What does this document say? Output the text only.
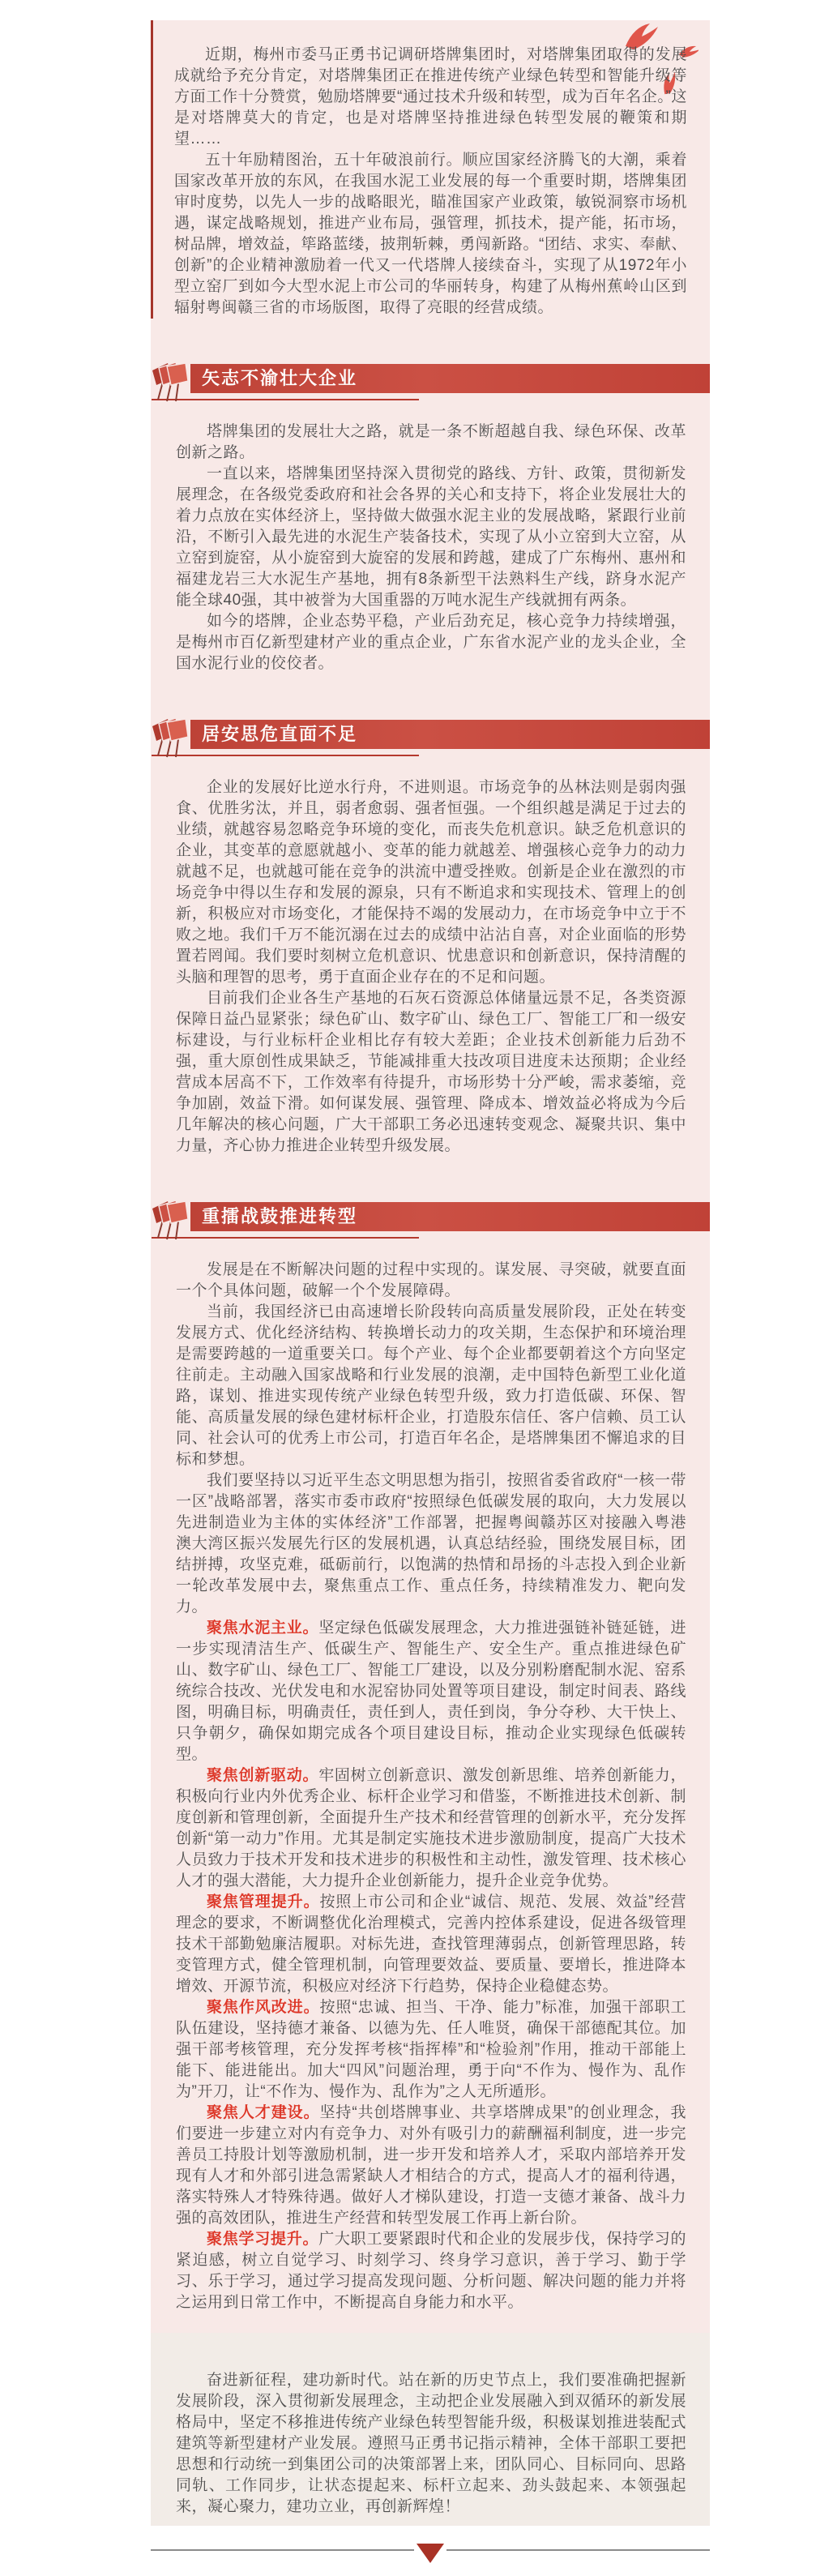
近期，梅州市委马正勇书记调研塔牌集团时，对塔牌集团取得的发展成就给予充分肯定，对塔牌集团正在推进传统产业绿色转型和智能升级等方面工作十分赞赏，勉励塔牌要“通过技术升级和转型，成为百年名企。”这是对塔牌莫大的肯定，也是对塔牌坚持推进绿色转型发展的鞭策和期望……

五十年励精图治，五十年破浪前行。顺应国家经济腾飞的大潮，乘着国家改革开放的东风，在我国水泥工业发展的每一个重要时期，塔牌集团审时度势，以先人一步的战略眼光，瞄准国家产业政策，敏锐洞察市场机遇，谋定战略规划，推进产业布局，强管理，抓技术，提产能，拓市场，树品牌，增效益，筚路蓝缕，披荆斩棘，勇闯新路。“团结、求实、奉献、创新”的企业精神激励着一代又一代塔牌人接续奋斗，实现了从1972年小型立窑厂到如今大型水泥上市公司的华丽转身，构建了从梅州蕉岭山区到辐射粤闽赣三省的市场版图，取得了亮眼的经营成绩。

矢志不渝壮大企业

塔牌集团的发展壮大之路，就是一条不断超越自我、绿色环保、改革创新之路。

一直以来，塔牌集团坚持深入贯彻党的路线、方针、政策，贯彻新发展理念，在各级党委政府和社会各界的关心和支持下，将企业发展壮大的着力点放在实体经济上，坚持做大做强水泥主业的发展战略，紧跟行业前沿，不断引入最先进的水泥生产装备技术，实现了从小立窑到大立窑，从立窑到旋窑，从小旋窑到大旋窑的发展和跨越，建成了广东梅州、惠州和福建龙岩三大水泥生产基地，拥有8条新型干法熟料生产线，跻身水泥产能全球40强，其中被誉为大国重器的万吨水泥生产线就拥有两条。

如今的塔牌，企业态势平稳，产业后劲充足，核心竞争力持续增强，是梅州市百亿新型建材产业的重点企业，广东省水泥产业的龙头企业，全国水泥行业的佼佼者。

居安思危直面不足

企业的发展好比逆水行舟，不进则退。市场竞争的丛林法则是弱肉强食、优胜劣汰，并且，弱者愈弱、强者恒强。一个组织越是满足于过去的业绩，就越容易忽略竞争环境的变化，而丧失危机意识。缺乏危机意识的企业，其变革的意愿就越小、变革的能力就越差、增强核心竞争力的动力就越不足，也就越可能在竞争的洪流中遭受挫败。创新是企业在激烈的市场竞争中得以生存和发展的源泉，只有不断追求和实现技术、管理上的创新，积极应对市场变化，才能保持不竭的发展动力，在市场竞争中立于不败之地。我们千万不能沉溺在过去的成绩中沾沾自喜，对企业面临的形势置若罔闻。我们要时刻树立危机意识、忧患意识和创新意识，保持清醒的头脑和理智的思考，勇于直面企业存在的不足和问题。

目前我们企业各生产基地的石灰石资源总体储量远景不足，各类资源保障日益凸显紧张；绿色矿山、数字矿山、绿色工厂、智能工厂和一级安标建设，与行业标杆企业相比存有较大差距；企业技术创新能力后劲不强，重大原创性成果缺乏，节能减排重大技改项目进度未达预期；企业经营成本居高不下，工作效率有待提升，市场形势十分严峻，需求萎缩，竞争加剧，效益下滑。如何谋发展、强管理、降成本、增效益必将成为今后几年解决的核心问题，广大干部职工务必迅速转变观念、凝聚共识、集中力量，齐心协力推进企业转型升级发展。

重擂战鼓推进转型

发展是在不断解决问题的过程中实现的。谋发展、寻突破，就要直面一个个具体问题，破解一个个发展障碍。

当前，我国经济已由高速增长阶段转向高质量发展阶段，正处在转变发展方式、优化经济结构、转换增长动力的攻关期，生态保护和环境治理是需要跨越的一道重要关口。每个产业、每个企业都要朝着这个方向坚定往前走。主动融入国家战略和行业发展的浪潮，走中国特色新型工业化道路，谋划、推进实现传统产业绿色转型升级，致力打造低碳、环保、智能、高质量发展的绿色建材标杆企业，打造股东信任、客户信赖、员工认同、社会认可的优秀上市公司，打造百年名企，是塔牌集团不懈追求的目标和梦想。

我们要坚持以习近平生态文明思想为指引，按照省委省政府“一核一带一区”战略部署，落实市委市政府“按照绿色低碳发展的取向，大力发展以先进制造业为主体的实体经济”工作部署，把握粤闽赣苏区对接融入粤港澳大湾区振兴发展先行区的发展机遇，认真总结经验，围绕发展目标，团结拼搏，攻坚克难，砥砺前行，以饱满的热情和昂扬的斗志投入到企业新一轮改革发展中去，聚焦重点工作、重点任务，持续精准发力、靶向发力。

聚焦水泥主业。坚定绿色低碳发展理念，大力推进强链补链延链，进一步实现清洁生产、低碳生产、智能生产、安全生产。重点推进绿色矿山、数字矿山、绿色工厂、智能工厂建设，以及分别粉磨配制水泥、窑系统综合技改、光伏发电和水泥窑协同处置等项目建设，制定时间表、路线图，明确目标，明确责任，责任到人，责任到岗，争分夺秒、大干快上、只争朝夕，确保如期完成各个项目建设目标，推动企业实现绿色低碳转型。

聚焦创新驱动。牢固树立创新意识、激发创新思维、培养创新能力，积极向行业内外优秀企业、标杆企业学习和借鉴，不断推进技术创新、制度创新和管理创新，全面提升生产技术和经营管理的创新水平，充分发挥创新“第一动力”作用。尤其是制定实施技术进步激励制度，提高广大技术人员致力于技术开发和技术进步的积极性和主动性，激发管理、技术核心人才的强大潜能，大力提升企业创新能力，提升企业竞争优势。

聚焦管理提升。按照上市公司和企业“诚信、规范、发展、效益”经营理念的要求，不断调整优化治理模式，完善内控体系建设，促进各级管理技术干部勤勉廉洁履职。对标先进，查找管理薄弱点，创新管理思路，转变管理方式，健全管理机制，向管理要效益、要质量、要增长，推进降本增效、开源节流，积极应对经济下行趋势，保持企业稳健态势。

聚焦作风改进。按照“忠诚、担当、干净、能力”标准，加强干部职工队伍建设，坚持德才兼备、以德为先、任人唯贤，确保干部德配其位。加强干部考核管理，充分发挥考核“指挥棒”和“检验剂”作用，推动干部能上能下、能进能出。加大“四风”问题治理，勇于向“不作为、慢作为、乱作为”开刀，让“不作为、慢作为、乱作为”之人无所遁形。

聚焦人才建设。坚持“共创塔牌事业、共享塔牌成果”的创业理念，我们要进一步建立对内有竞争力、对外有吸引力的薪酬福利制度，进一步完善员工持股计划等激励机制，进一步开发和培养人才，采取内部培养开发现有人才和外部引进急需紧缺人才相结合的方式，提高人才的福利待遇，落实特殊人才特殊待遇。做好人才梯队建设，打造一支德才兼备、战斗力强的高效团队，推进生产经营和转型发展工作再上新台阶。

聚焦学习提升。广大职工要紧跟时代和企业的发展步伐，保持学习的紧迫感，树立自觉学习、时刻学习、终身学习意识，善于学习、勤于学习、乐于学习，通过学习提高发现问题、分析问题、解决问题的能力并将之运用到日常工作中，不断提高自身能力和水平。

奋进新征程，建功新时代。站在新的历史节点上，我们要准确把握新发展阶段，深入贯彻新发展理念，主动把企业发展融入到双循环的新发展格局中，坚定不移推进传统产业绿色转型智能升级，积极谋划推进装配式建筑等新型建材产业发展。遵照马正勇书记指示精神，全体干部职工要把思想和行动统一到集团公司的决策部署上来，团队同心、目标同向、思路同轨、工作同步，让状态提起来、标杆立起来、劲头鼓起来、本领强起来，凝心聚力，建功立业，再创新辉煌！
